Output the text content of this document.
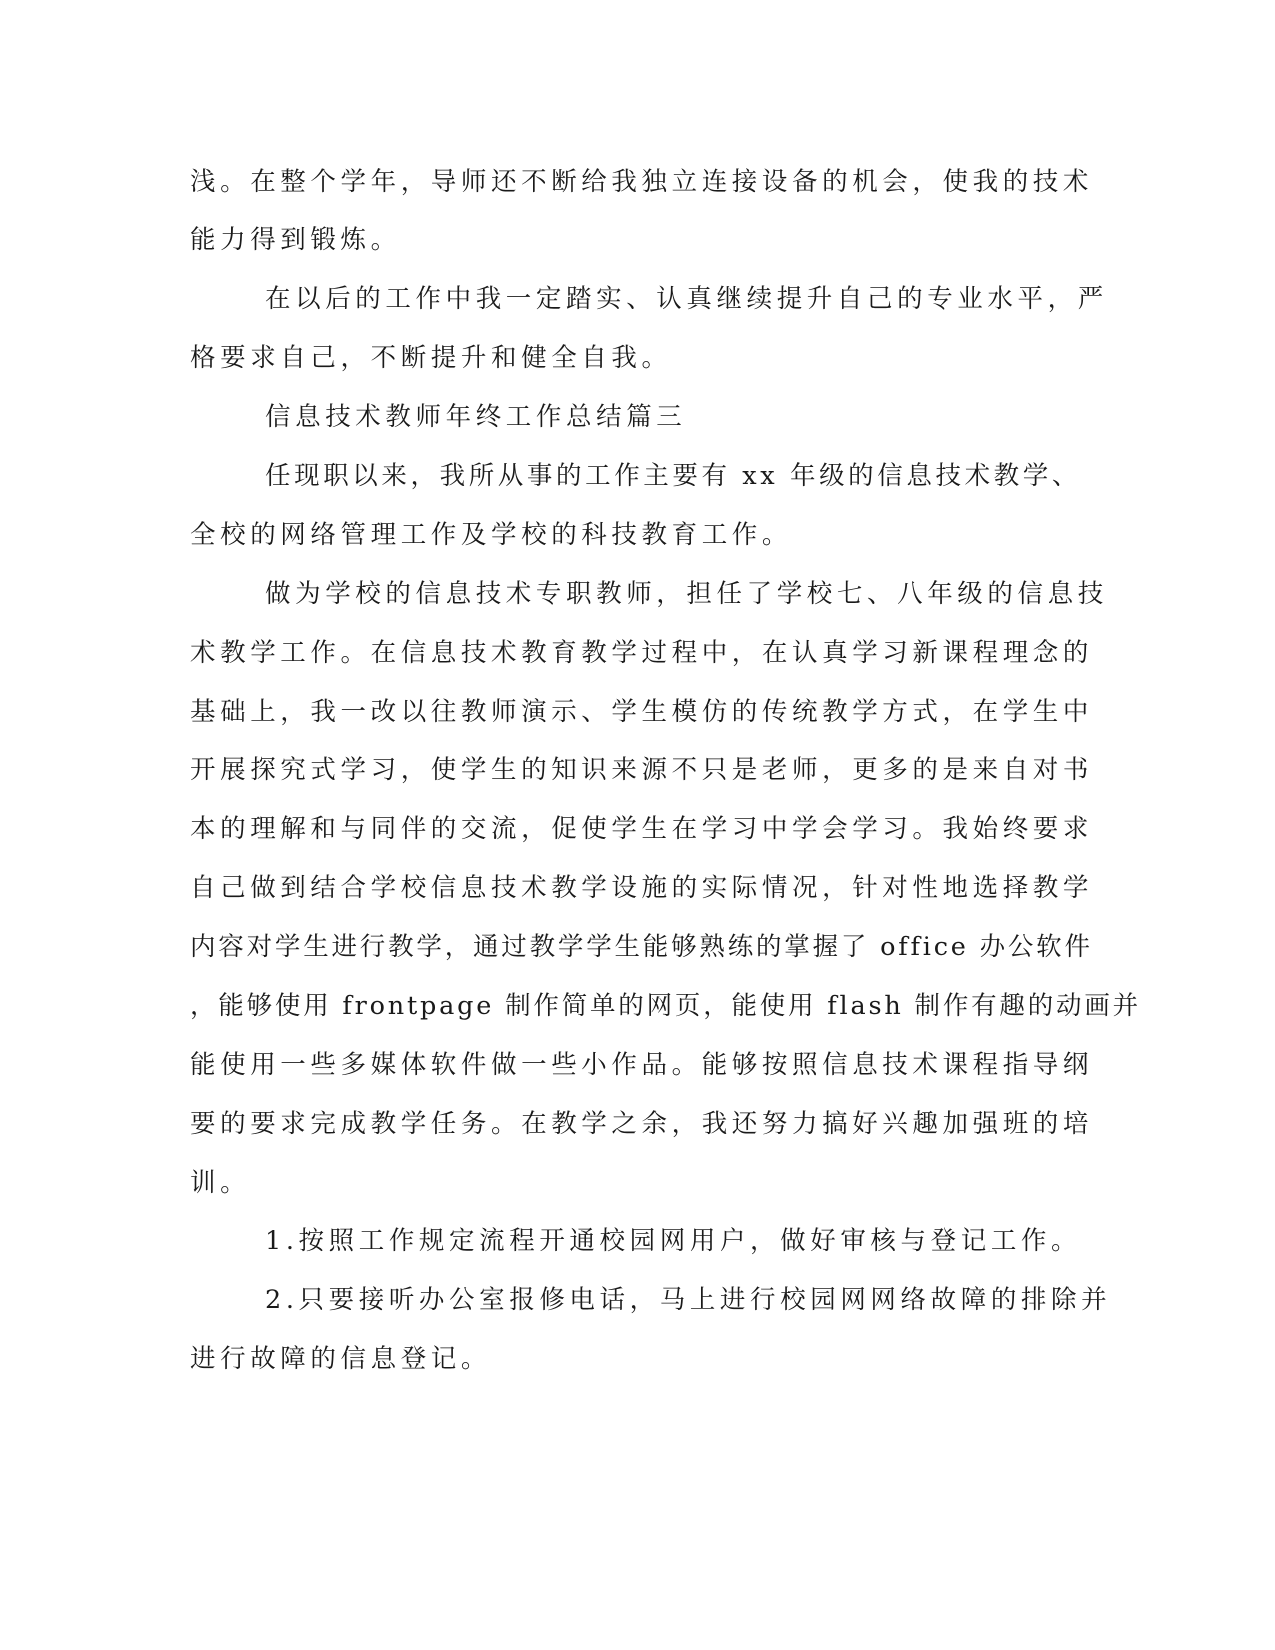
浅。在整个学年，导师还不断给我独立连接设备的机会，使我的技术

能力得到锻炼。

在以后的工作中我一定踏实、认真继续提升自己的专业水平，严

格要求自己，不断提升和健全自我。

信息技术教师年终工作总结篇三

任现职以来，我所从事的工作主要有 xx 年级的信息技术教学、

全校的网络管理工作及学校的科技教育工作。

做为学校的信息技术专职教师，担任了学校七、八年级的信息技

术教学工作。在信息技术教育教学过程中，在认真学习新课程理念的

基础上，我一改以往教师演示、学生模仿的传统教学方式，在学生中

开展探究式学习，使学生的知识来源不只是老师，更多的是来自对书

本的理解和与同伴的交流，促使学生在学习中学会学习。我始终要求

自己做到结合学校信息技术教学设施的实际情况，针对性地选择教学

内容对学生进行教学，通过教学学生能够熟练的掌握了 office 办公软件

，能够使用 frontpage 制作简单的网页，能使用 flash 制作有趣的动画并

能使用一些多媒体软件做一些小作品。能够按照信息技术课程指导纲

要的要求完成教学任务。在教学之余，我还努力搞好兴趣加强班的培

训。

1.按照工作规定流程开通校园网用户，做好审核与登记工作。

2.只要接听办公室报修电话，马上进行校园网网络故障的排除并

进行故障的信息登记。
